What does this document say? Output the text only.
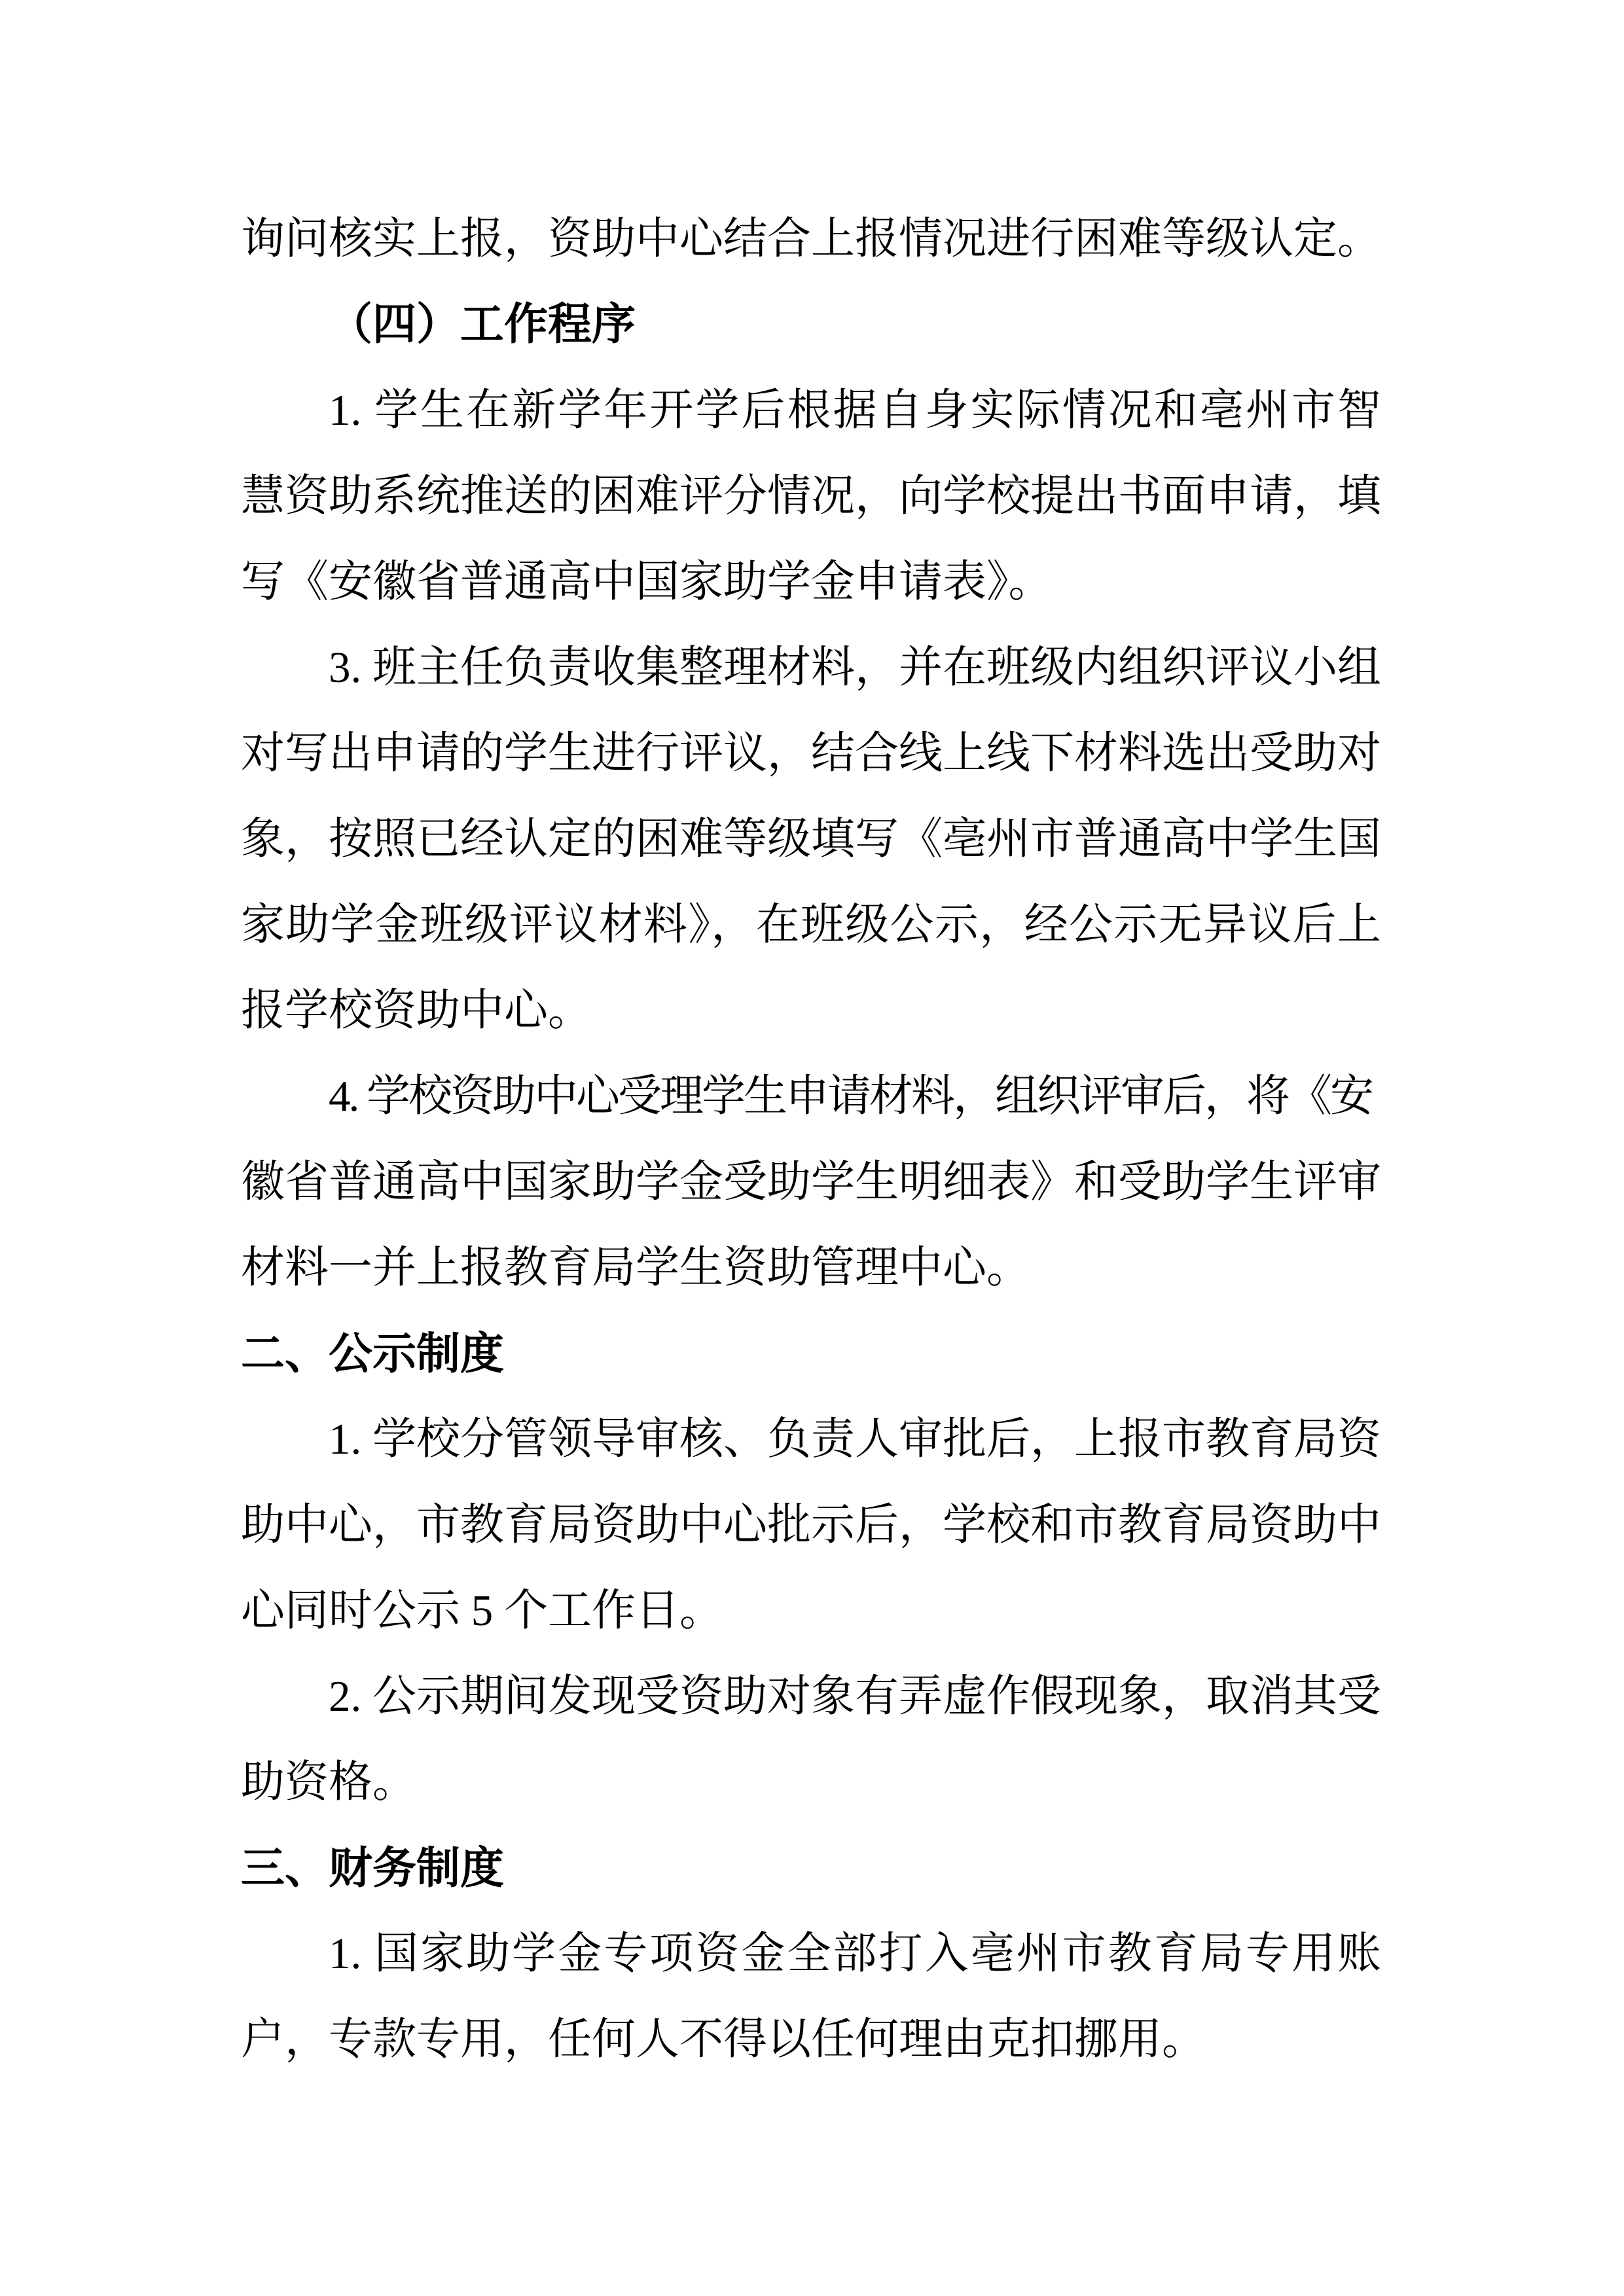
询问核实上报，资助中心结合上报情况进行困难等级认定。
（四）工作程序
1. 学生在新学年开学后根据自身实际情况和亳州市智
慧资助系统推送的困难评分情况，向学校提出书面申请，填
写《安徽省普通高中国家助学金申请表》。
3. 班主任负责收集整理材料，并在班级内组织评议小组
对写出申请的学生进行评议，结合线上线下材料选出受助对
象，按照已经认定的困难等级填写《亳州市普通高中学生国
家助学金班级评议材料》，在班级公示，经公示无异议后上
报学校资助中心。
4. 学校资助中心受理学生申请材料，组织评审后，将《安
徽省普通高中国家助学金受助学生明细表》和受助学生评审
材料一并上报教育局学生资助管理中心。
二、公示制度
1. 学校分管领导审核、负责人审批后，上报市教育局资
助中心，市教育局资助中心批示后，学校和市教育局资助中
心同时公示 5 个工作日。
2. 公示期间发现受资助对象有弄虚作假现象，取消其受
助资格。
三、财务制度
1. 国家助学金专项资金全部打入亳州市教育局专用账
户，专款专用，任何人不得以任何理由克扣挪用。
